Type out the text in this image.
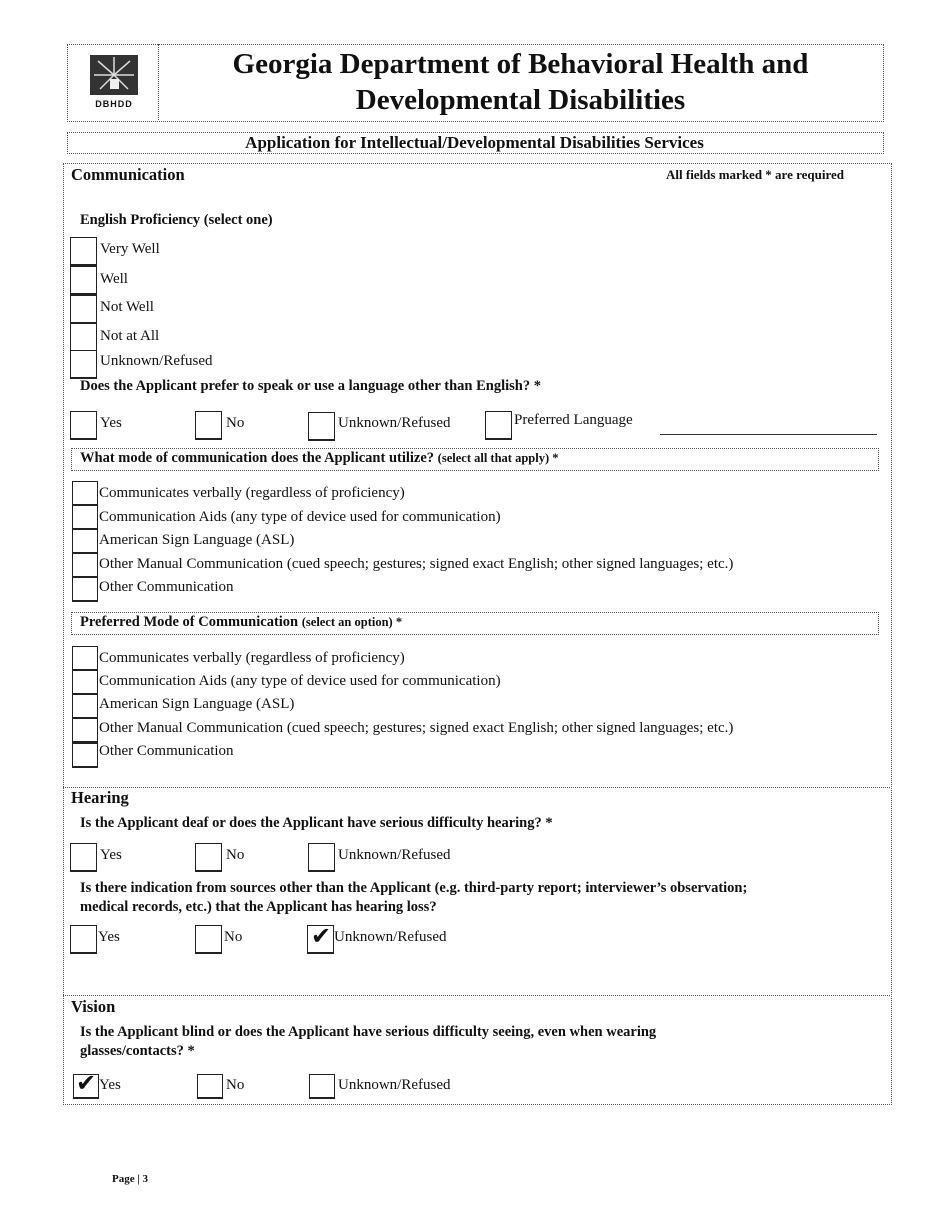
DBHDD
Georgia Department of Behavioral Health and
Developmental Disabilities
Application for Intellectual/Developmental Disabilities Services
Communication	All fields marked * are required
English Proficiency (select one)
Very Well
Well
Not Well
Not at All
Unknown/Refused
Does the Applicant prefer to speak or use a language other than English? *
Yes	No	Unknown/Refused	Preferred Language
What mode of communication does the Applicant utilize? (select all that apply) *
Communicates verbally (regardless of proficiency)
Communication Aids (any type of device used for communication)
American Sign Language (ASL)
Other Manual Communication (cued speech; gestures; signed exact English; other signed languages; etc.)
Other Communication
Preferred Mode of Communication (select an option) *
Communicates verbally (regardless of proficiency)
Communication Aids (any type of device used for communication)
American Sign Language (ASL)
Other Manual Communication (cued speech; gestures; signed exact English; other signed languages; etc.)
Other Communication
Hearing
Is the Applicant deaf or does the Applicant have serious difficulty hearing? *
Yes	No	Unknown/Refused
Is there indication from sources other than the Applicant (e.g. third-party report; interviewer’s observation;
medical records, etc.) that the Applicant has hearing loss?
Yes	No	✔ Unknown/Refused
Vision
Is the Applicant blind or does the Applicant have serious difficulty seeing, even when wearing
glasses/contacts? *
✔ Yes	No	Unknown/Refused
Page | 3
